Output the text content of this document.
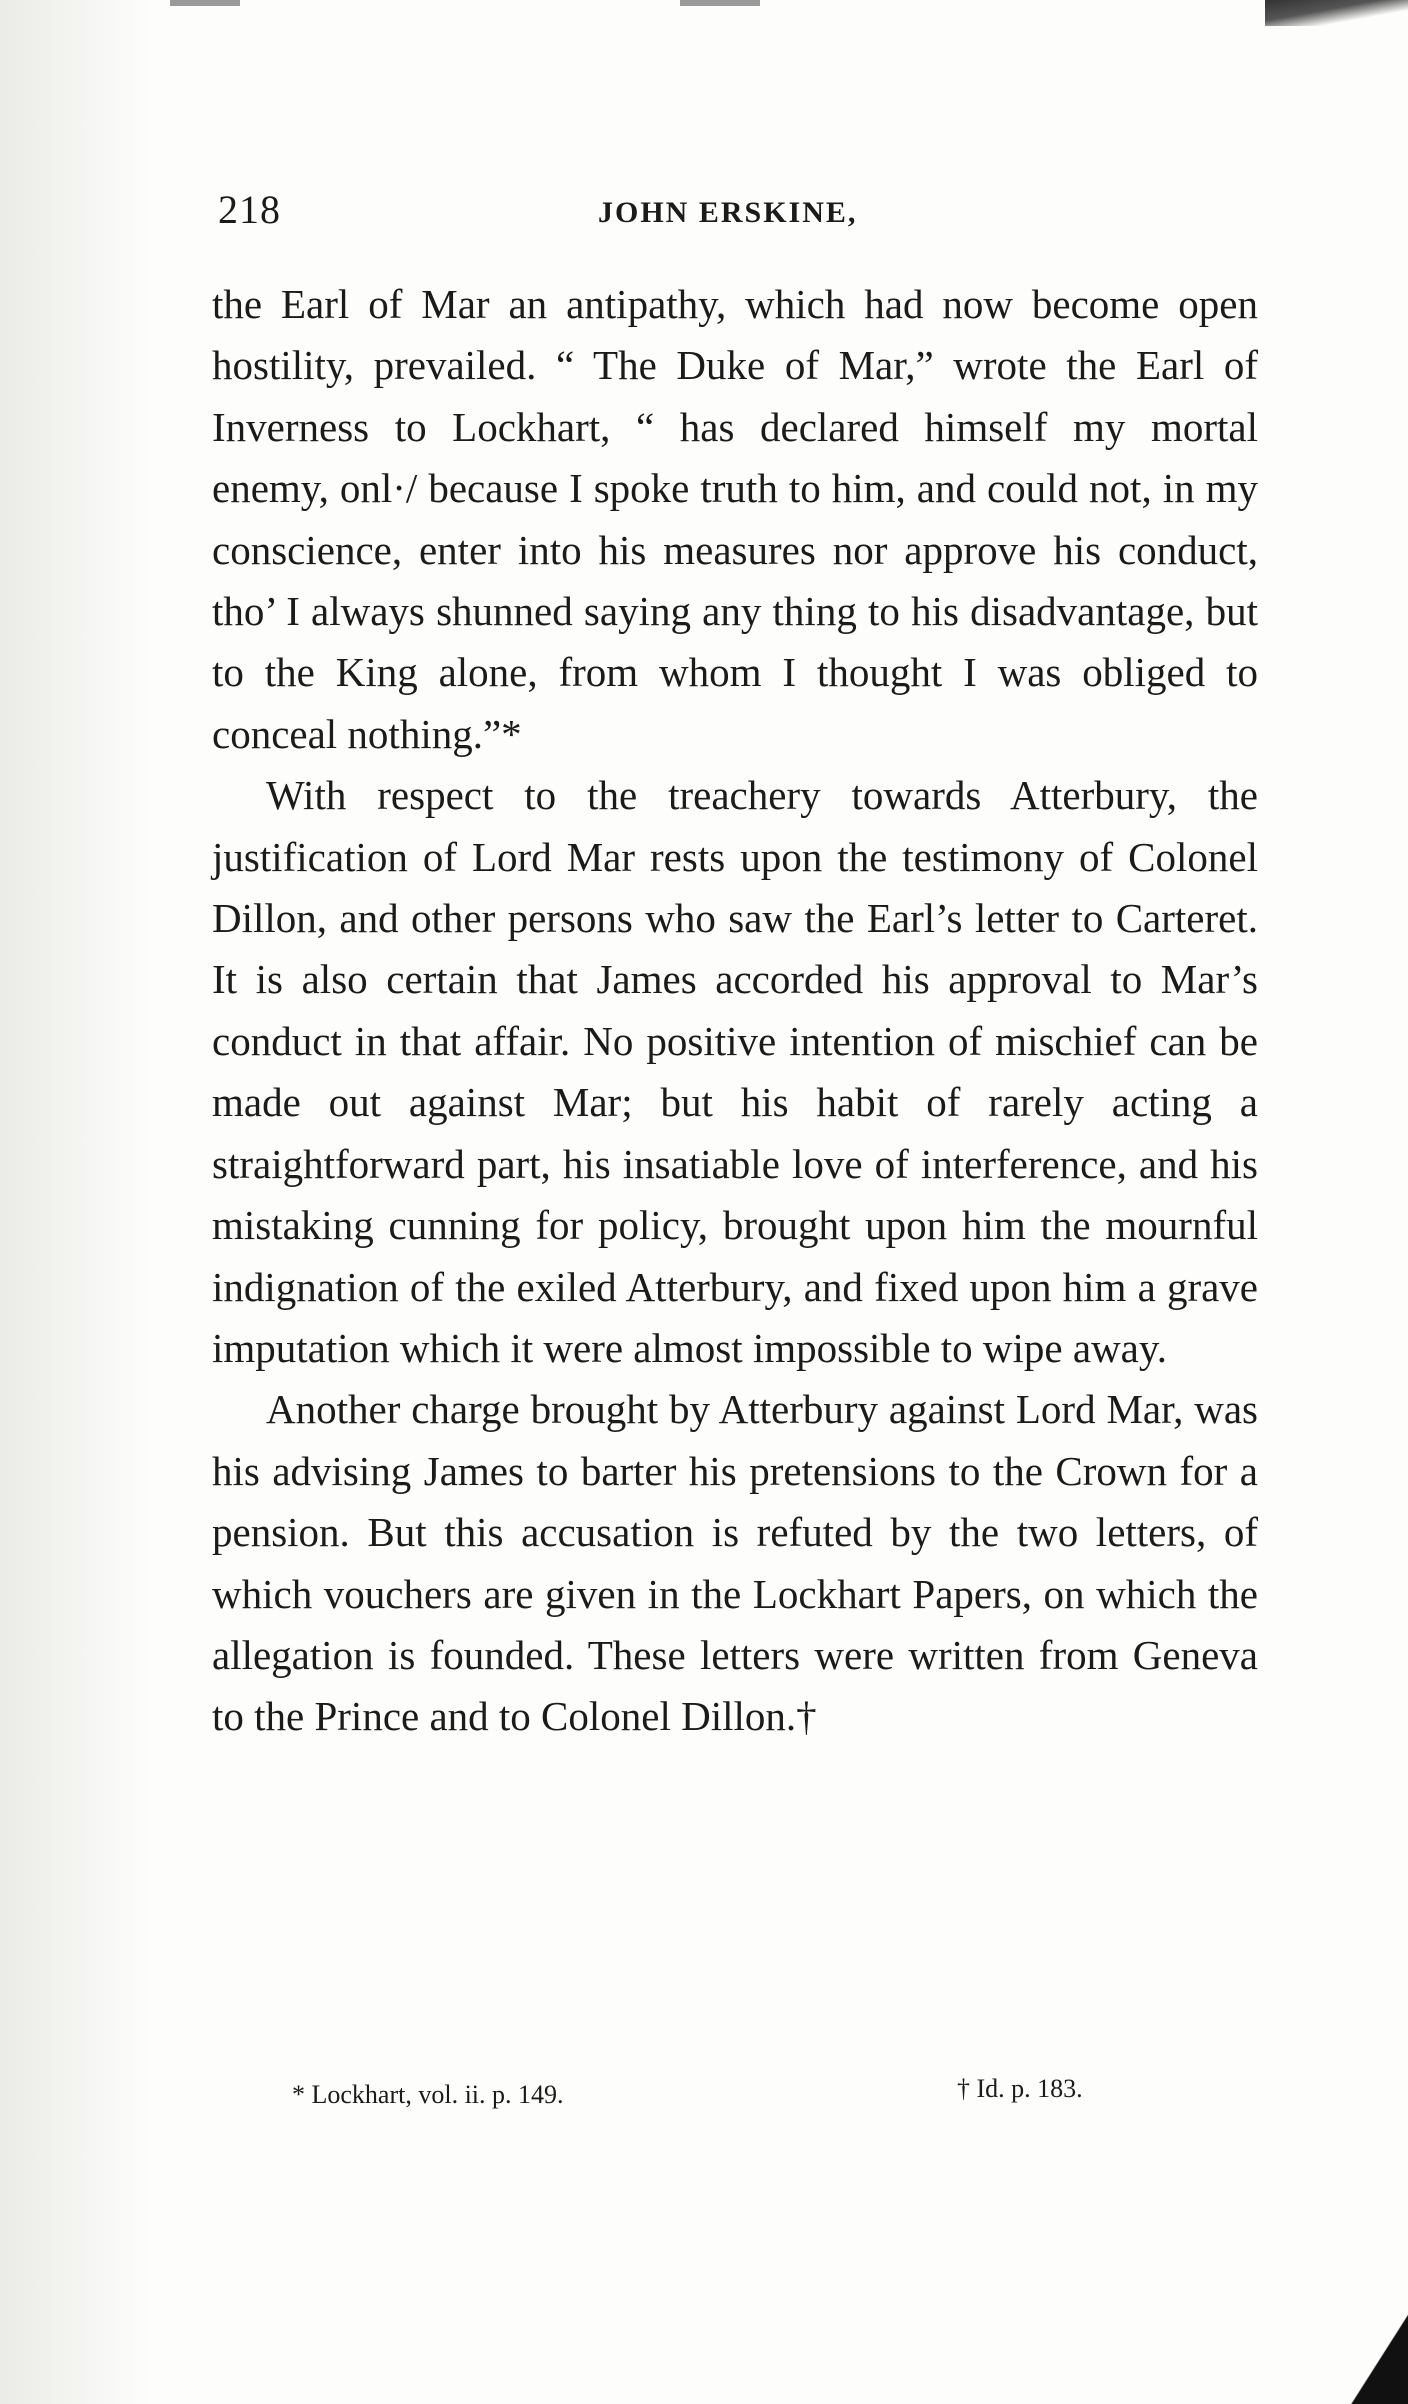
218	JOHN ERSKINE,

the Earl of Mar an antipathy, which had now become open hostility, prevailed. “ The Duke of Mar,” wrote the Earl of Inverness to Lockhart, “ has declared himself my mortal enemy, onl·/ because I spoke truth to him, and could not, in my conscience, enter into his measures nor approve his conduct, tho’ I always shunned saying any thing to his disadvantage, but to the King alone, from whom I thought I was obliged to conceal nothing.”*

With respect to the treachery towards Atterbury, the justification of Lord Mar rests upon the testimony of Colonel Dillon, and other persons who saw the Earl’s letter to Carteret. It is also certain that James accorded his approval to Mar’s conduct in that affair. No positive intention of mischief can be made out against Mar; but his habit of rarely acting a straightforward part, his insatiable love of interference, and his mistaking cunning for policy, brought upon him the mournful indignation of the exiled Atterbury, and fixed upon him a grave imputation which it were almost impossible to wipe away.

Another charge brought by Atterbury against Lord Mar, was his advising James to barter his pretensions to the Crown for a pension. But this accusation is refuted by the two letters, of which vouchers are given in the Lockhart Papers, on which the allegation is founded. These letters were written from Geneva to the Prince and to Colonel Dillon.†

* Lockhart, vol. ii. p. 149.	† Id. p. 183.
